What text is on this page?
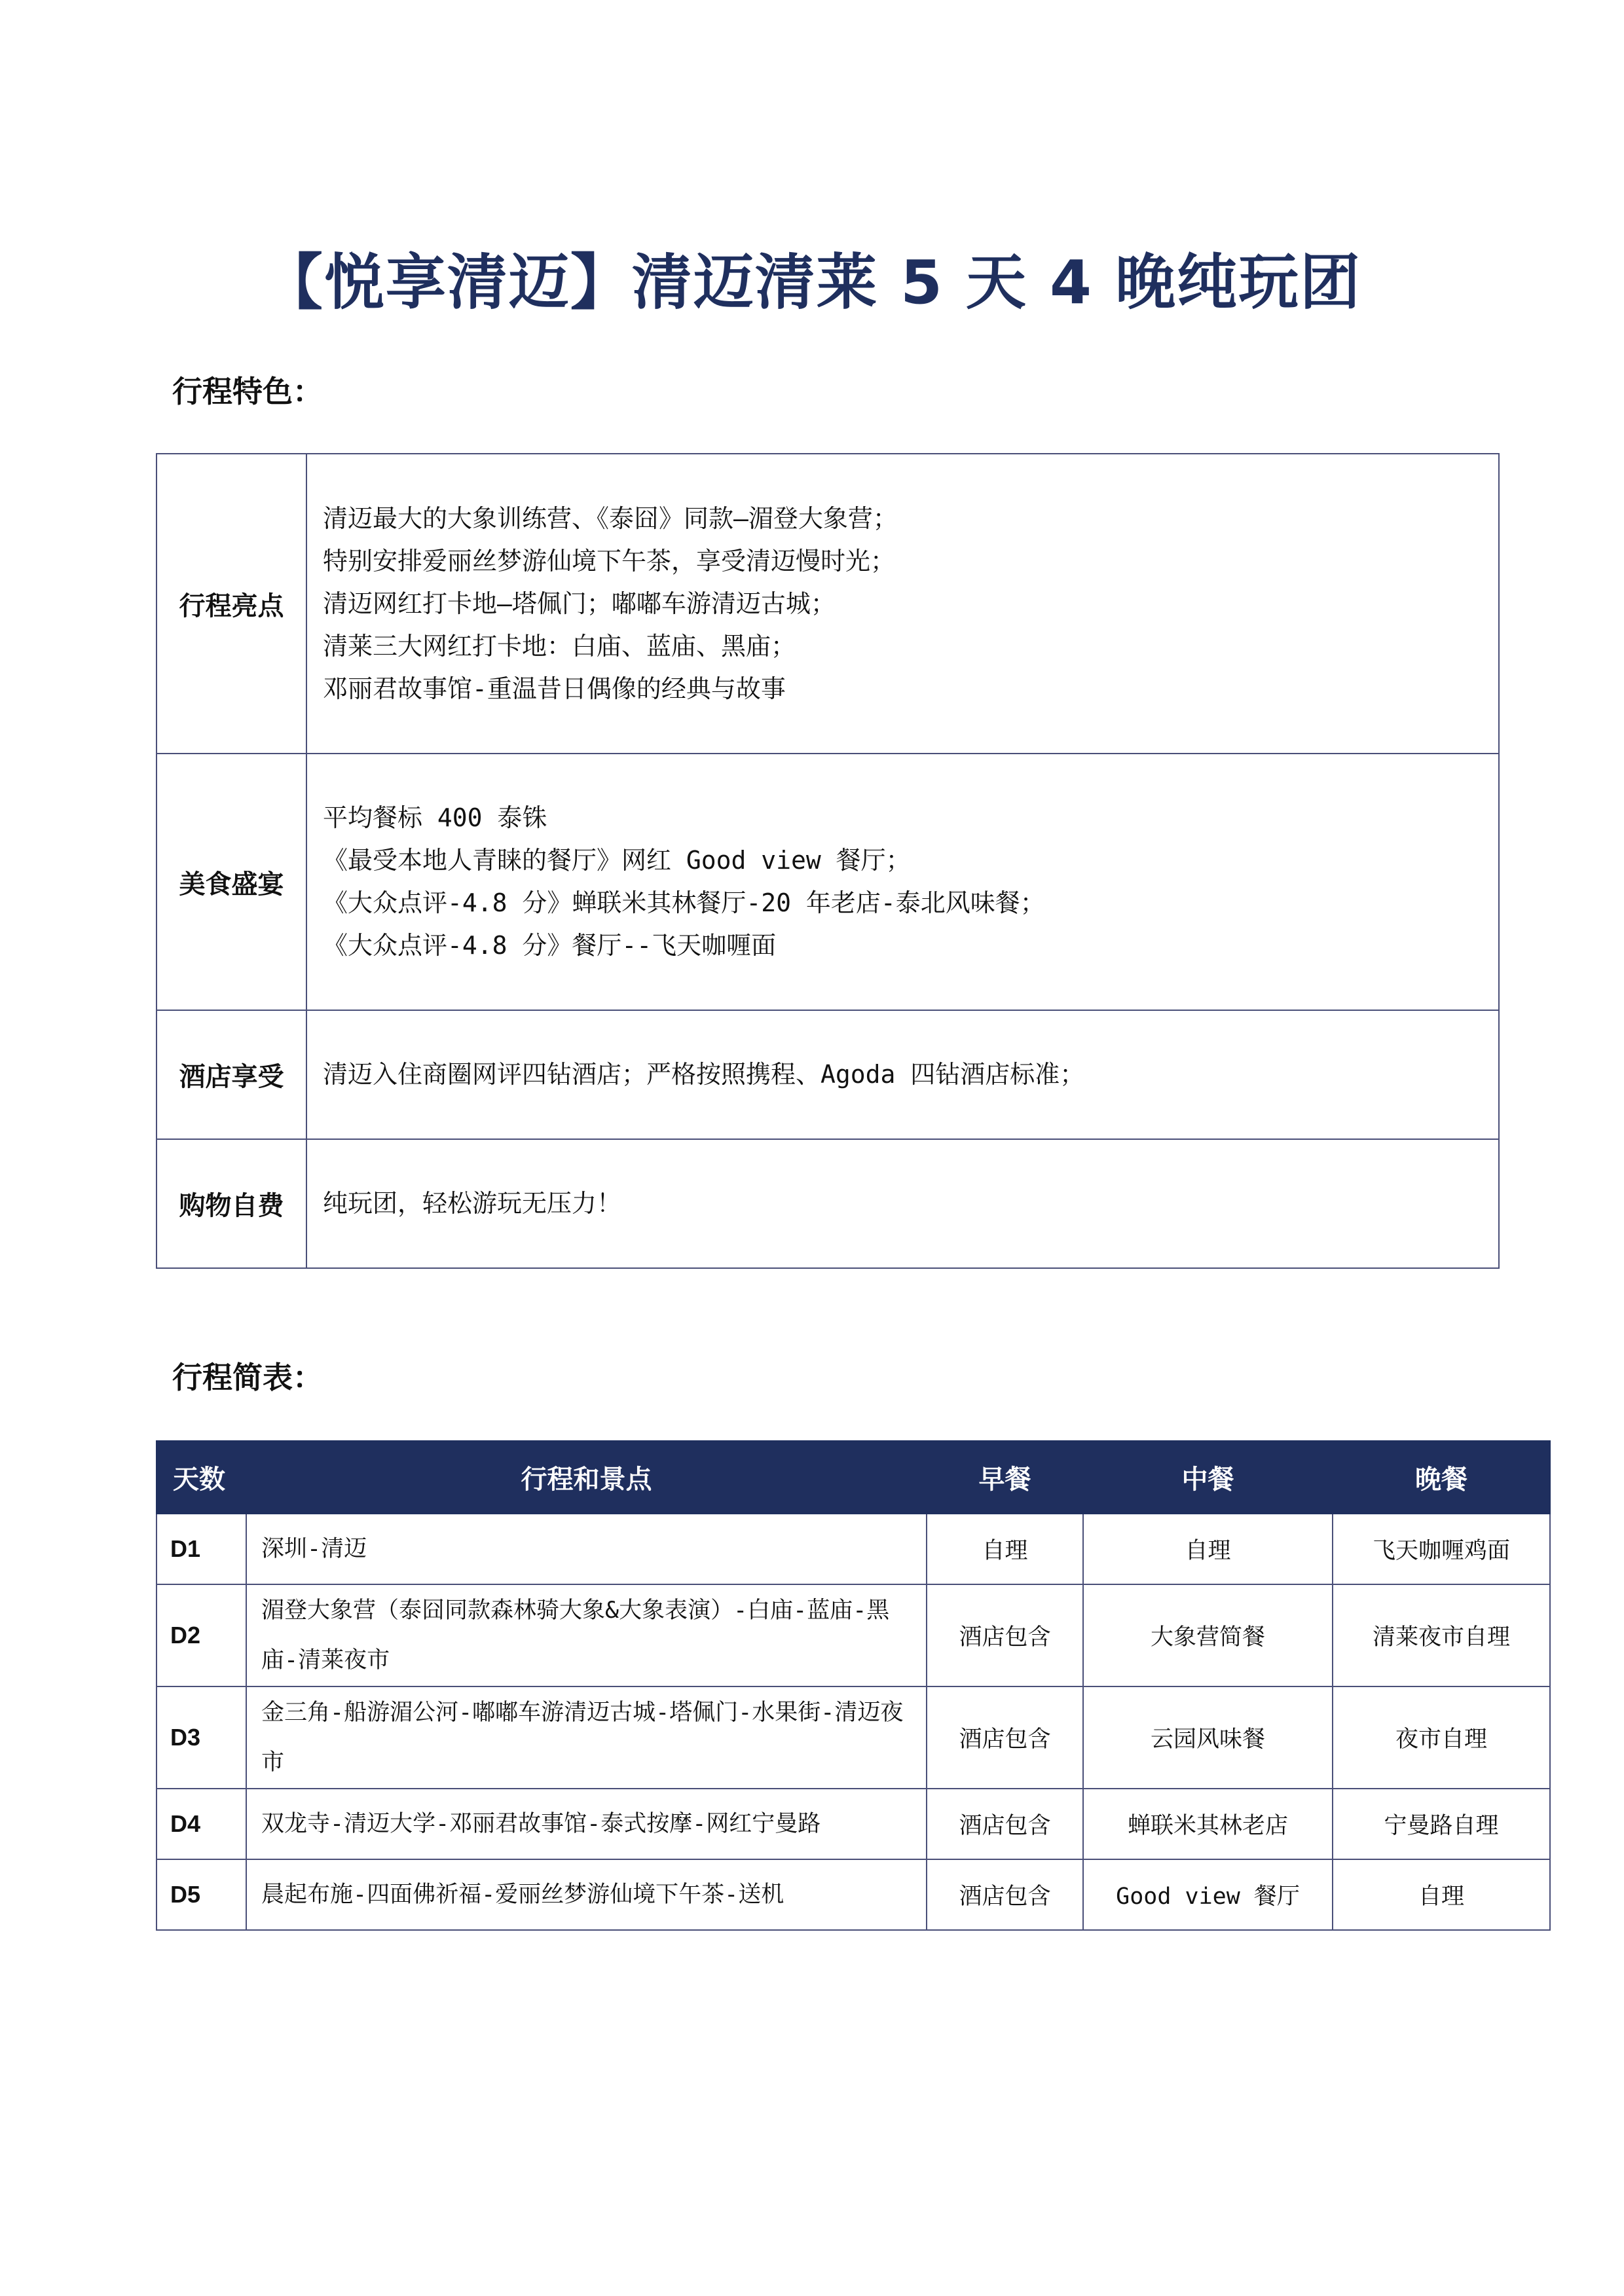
【悦享清迈】清迈清莱 5 天 4 晚纯玩团
行程特色：
行程亮点	清迈最大的大象训练营、《泰囧》同款—湄登大象营；
特别安排爱丽丝梦游仙境下午茶，享受清迈慢时光；
清迈网红打卡地—塔佩门；嘟嘟车游清迈古城；
清莱三大网红打卡地：白庙、蓝庙、黑庙；
邓丽君故事馆-重温昔日偶像的经典与故事

美食盛宴	平均餐标 400 泰铢
《最受本地人青睐的餐厅》网红 Good view 餐厅；
《大众点评-4.8 分》蝉联米其林餐厅-20 年老店-泰北风味餐；
《大众点评-4.8 分》餐厅--飞天咖喱面

酒店享受	清迈入住商圈网评四钻酒店；严格按照携程、Agoda 四钻酒店标准；

购物自费	纯玩团，轻松游玩无压力！
行程简表：
天数	行程和景点	早餐	中餐	晚餐
D1	深圳-清迈	自理	自理	飞天咖喱鸡面
D2	湄登大象营（泰囧同款森林骑大象&大象表演）-白庙-蓝庙-黑庙-清莱夜市	酒店包含	大象营简餐	清莱夜市自理
D3	金三角-船游湄公河-嘟嘟车游清迈古城-塔佩门-水果街-清迈夜市	酒店包含	云园风味餐	夜市自理
D4	双龙寺-清迈大学-邓丽君故事馆-泰式按摩-网红宁曼路	酒店包含	蝉联米其林老店	宁曼路自理
D5	晨起布施-四面佛祈福-爱丽丝梦游仙境下午茶-送机	酒店包含	Good view 餐厅	自理
